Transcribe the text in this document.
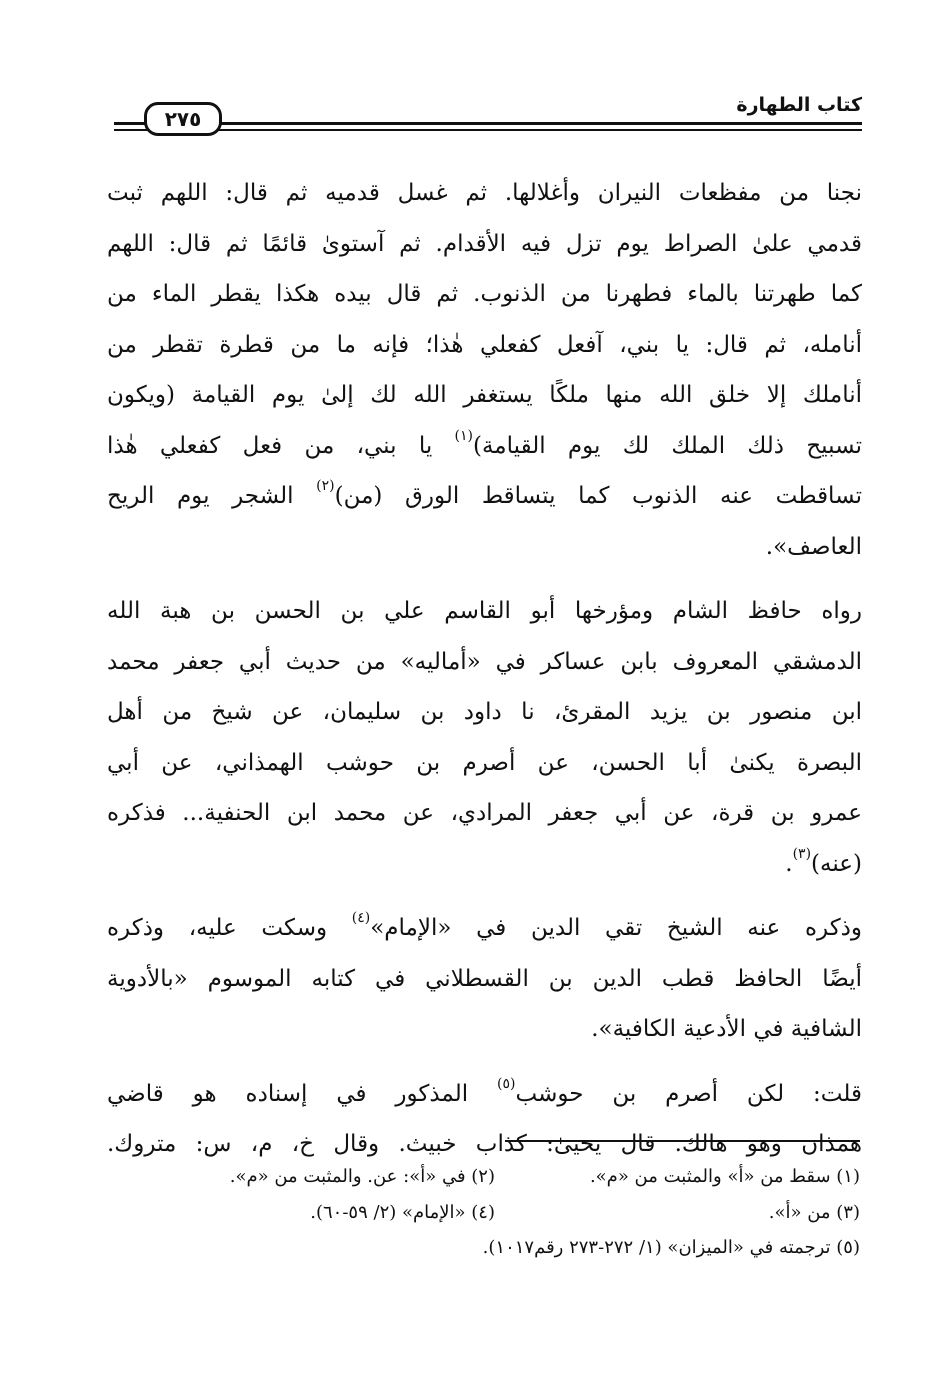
٢٧٥
كتاب الطهارة
نجنا من مفظعات النيران وأغلالها. ثم غسل قدميه ثم قال: اللهم ثبت
قدمي علىٰ الصراط يوم تزل فيه الأقدام. ثم آستوىٰ قائمًا ثم قال: اللهم
كما طهرتنا بالماء فطهرنا من الذنوب. ثم قال بيده هكذا يقطر الماء من
أنامله، ثم قال: يا بني، آفعل كفعلي هٰذا؛ فإنه ما من قطرة تقطر من
أناملك إلا خلق الله منها ملكًا يستغفر الله لك إلىٰ يوم القيامة (ويكون
تسبيح ذلك الملك لك يوم القيامة)$^{(١)}$ يا بني، من فعل كفعلي هٰذا
تساقطت عنه الذنوب كما يتساقط الورق (من)$^{(٢)}$ الشجر يوم الريح
العاصف».
رواه حافظ الشام ومؤرخها أبو القاسم علي بن الحسن بن هبة الله
الدمشقي المعروف بابن عساكر في «أماليه» من حديث أبي جعفر محمد
ابن منصور بن يزيد المقرئ، نا داود بن سليمان، عن شيخ من أهل
البصرة يكنىٰ أبا الحسن، عن أصرم بن حوشب الهمذاني، عن أبي
عمرو بن قرة، عن أبي جعفر المرادي، عن محمد ابن الحنفية... فذكره
(عنه)$^{(٣)}$.
وذكره عنه الشيخ تقي الدين في «الإمام»$^{(٤)}$ وسكت عليه، وذكره
أيضًا الحافظ قطب الدين بن القسطلاني في كتابه الموسوم «بالأدوية
الشافية في الأدعية الكافية».
قلت: لكن أصرم بن حوشب$^{(٥)}$ المذكور في إسناده هو قاضي
همذان وهو هالك. قال يحيىٰ: كذاب خبيث. وقال خ، م، س: متروك.
(١) سقط من «أ» والمثبت من «م».
(٢) في «أ»: عن. والمثبت من «م».
(٣) من «أ».
(٤) «الإمام» (٢/ ٥٩-٦٠).
(٥) ترجمته في «الميزان» (١/ ٢٧٢-٢٧٣ رقم١٠١٧).
